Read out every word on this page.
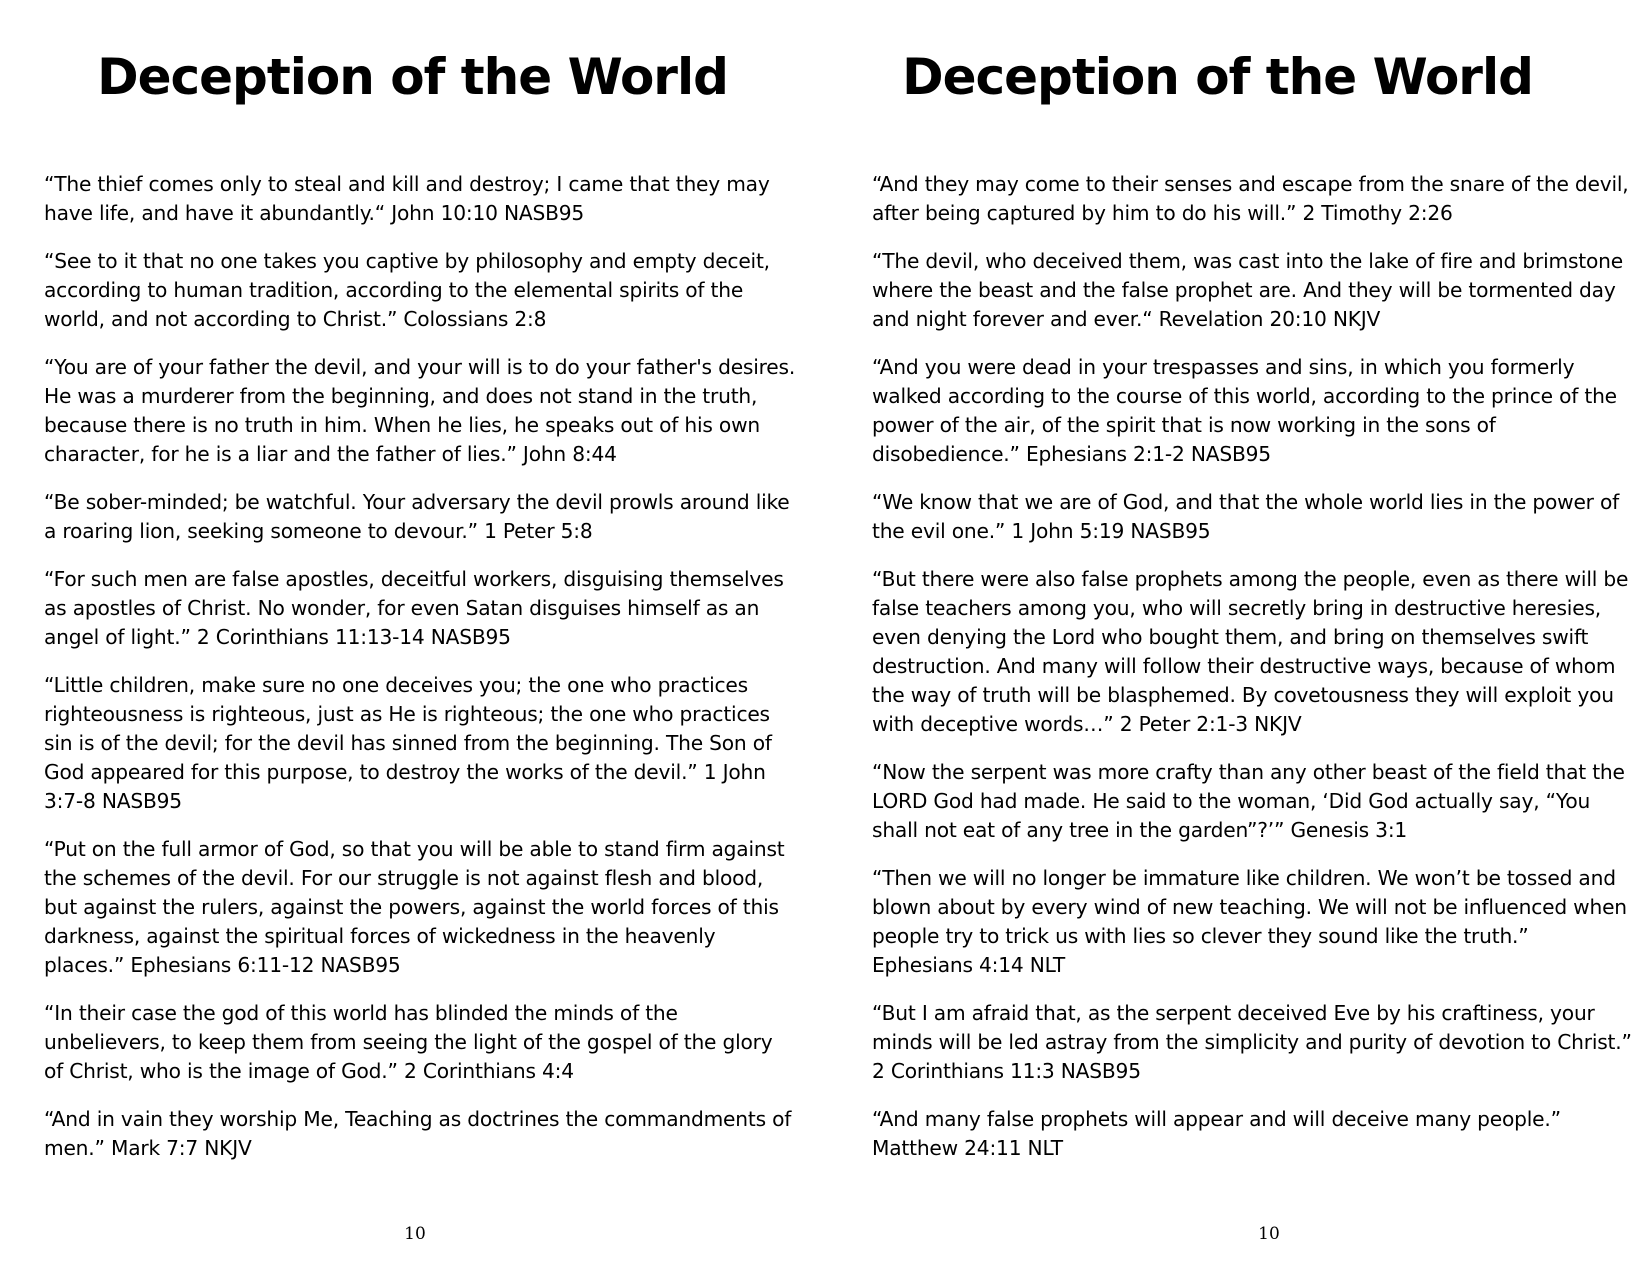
Deception of the World

“The thief comes only to steal and kill and destroy; I came that they may have life, and have it abundantly.“ John 10:10 NASB95

“See to it that no one takes you captive by philosophy and empty deceit, according to human tradition, according to the elemental spirits of the world, and not according to Christ.” Colossians 2:8

“You are of your father the devil, and your will is to do your father's desires. He was a murderer from the beginning, and does not stand in the truth, because there is no truth in him. When he lies, he speaks out of his own character, for he is a liar and the father of lies.” John 8:44

“Be sober-minded; be watchful. Your adversary the devil prowls around like a roaring lion, seeking someone to devour.” 1 Peter 5:8

“For such men are false apostles, deceitful workers, disguising themselves as apostles of Christ. No wonder, for even Satan disguises himself as an angel of light.” 2 Corinthians 11:13-14 NASB95

“Little children, make sure no one deceives you; the one who practices righteousness is righteous, just as He is righteous; the one who practices sin is of the devil; for the devil has sinned from the beginning. The Son of God appeared for this purpose, to destroy the works of the devil.” 1 John 3:7-8 NASB95

“Put on the full armor of God, so that you will be able to stand firm against the schemes of the devil. For our struggle is not against flesh and blood, but against the rulers, against the powers, against the world forces of this darkness, against the spiritual forces of wickedness in the heavenly places.” Ephesians 6:11-12 NASB95

“In their case the god of this world has blinded the minds of the unbelievers, to keep them from seeing the light of the gospel of the glory of Christ, who is the image of God.” 2 Corinthians 4:4

“And in vain they worship Me, Teaching as doctrines the commandments of men.” Mark 7:7 NKJV

10
Deception of the World

“And they may come to their senses and escape from the snare of the devil, after being captured by him to do his will.” 2 Timothy 2:26

“The devil, who deceived them, was cast into the lake of fire and brimstone where the beast and the false prophet are. And they will be tormented day and night forever and ever.“ Revelation 20:10 NKJV

“And you were dead in your trespasses and sins, in which you formerly walked according to the course of this world, according to the prince of the power of the air, of the spirit that is now working in the sons of disobedience.” Ephesians 2:1-2 NASB95

“We know that we are of God, and that the whole world lies in the power of the evil one.” 1 John 5:19 NASB95

“But there were also false prophets among the people, even as there will be false teachers among you, who will secretly bring in destructive heresies, even denying the Lord who bought them, and bring on themselves swift destruction. And many will follow their destructive ways, because of whom the way of truth will be blasphemed. By covetousness they will exploit you with deceptive words…” 2 Peter 2:1-3 NKJV

“Now the serpent was more crafty than any other beast of the field that the LORD God had made. He said to the woman, ‘Did God actually say, “You shall not eat of any tree in the garden”?’” Genesis 3:1

“Then we will no longer be immature like children. We won’t be tossed and blown about by every wind of new teaching. We will not be influenced when people try to trick us with lies so clever they sound like the truth.” Ephesians 4:14 NLT

“But I am afraid that, as the serpent deceived Eve by his craftiness, your minds will be led astray from the simplicity and purity of devotion to Christ.” 2 Corinthians 11:3 NASB95

“And many false prophets will appear and will deceive many people.” Matthew 24:11 NLT

10
